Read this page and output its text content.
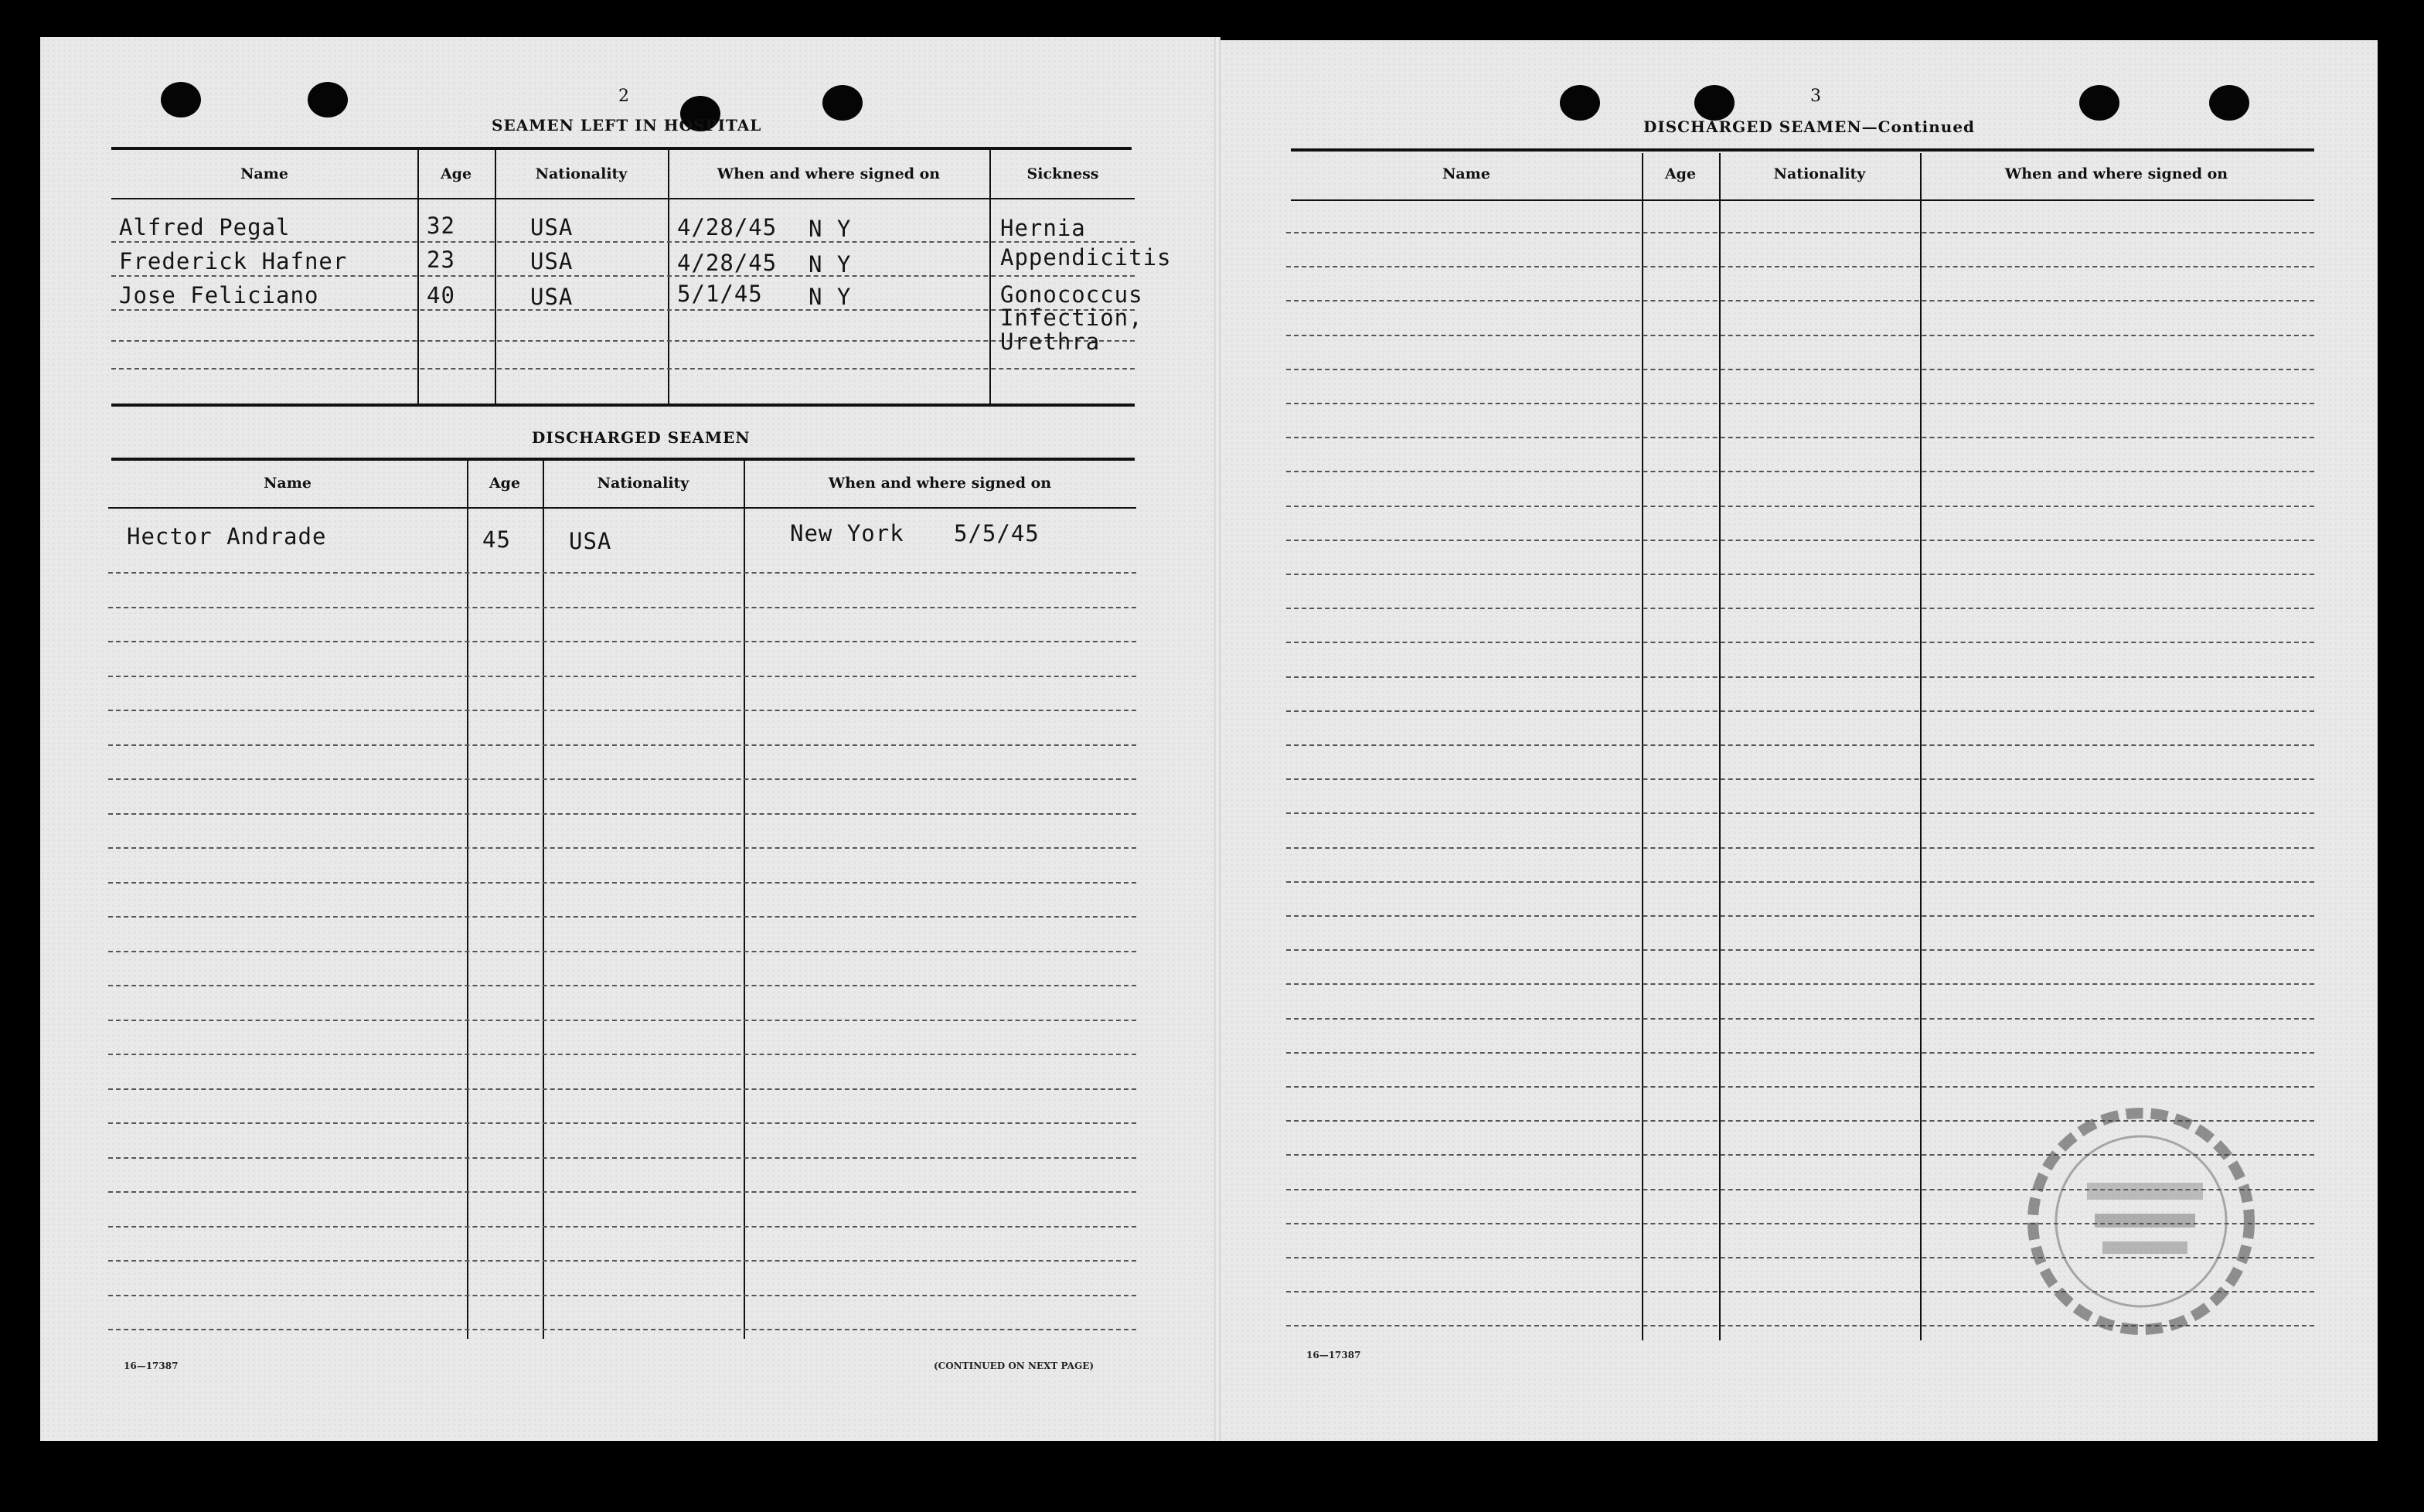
2
SEAMEN LEFT IN HOSPITAL
Name	Age	Nationality	When and where signed on	Sickness
Alfred Pegal	32	USA	4/28/45 N Y	Hernia
Frederick Hafner	23	USA	4/28/45 N Y	Appendicitis
Jose Feliciano	40	USA	5/1/45 N Y	Gonococcus
Infection,
Urethra
DISCHARGED SEAMEN
Name	Age	Nationality	When and where signed on
Hector Andrade	45	USA	New York 5/5/45
16—17387	(CONTINUED ON NEXT PAGE)
3
DISCHARGED SEAMEN—Continued
Name	Age	Nationality	When and where signed on
16—17387
